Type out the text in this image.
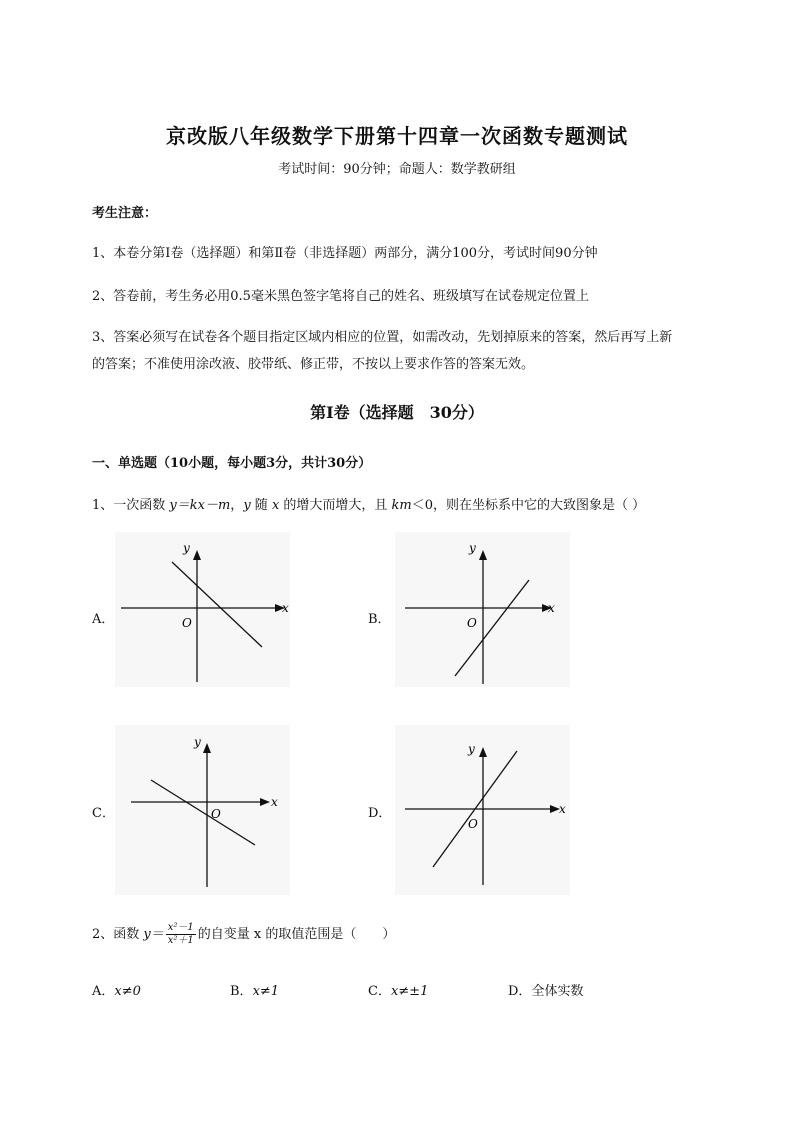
京改版八年级数学下册第十四章一次函数专题测试
考试时间：90分钟；命题人：数学教研组
考生注意：
1、本卷分第I卷（选择题）和第Ⅱ卷（非选择题）两部分，满分100分，考试时间90分钟
2、答卷前，考生务必用0.5毫米黑色签字笔将自己的姓名、班级填写在试卷规定位置上
3、答案必须写在试卷各个题目指定区域内相应的位置，如需改动，先划掉原来的答案，然后再写上新
的答案；不准使用涂改液、胶带纸、修正带，不按以上要求作答的答案无效。
第I卷（选择题　30分）
一、单选题（10小题，每小题3分，共计30分）
1、一次函数 y＝kx－m，y 随 x 的增大而增大，且 km＜0，则在坐标系中它的大致图象是（ ）
A．	O
x
y
B．	O
x
y
C．	O
x
y
D．
O
x
y
2、函数 $y= \frac{\text{x²－1}}{\text{x²＋1}}$ 的自变量 x 的取值范围是（　　）
A．x≠0	B．x≠1	C．x≠±1	D．全体实数
